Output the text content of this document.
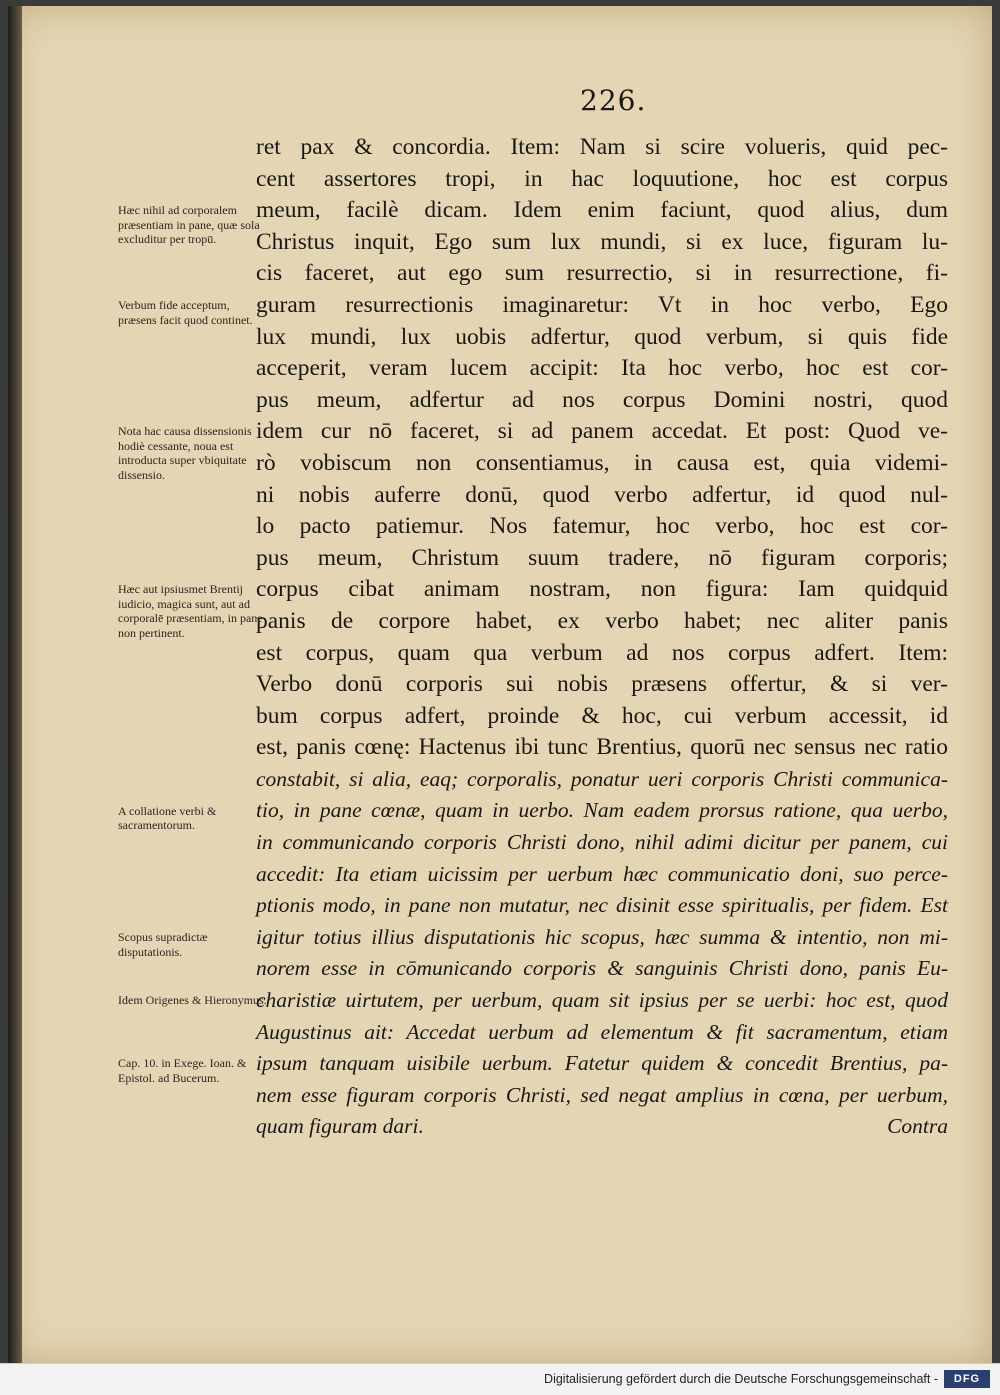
226.
ret pax & concordia. Item: Nam si scire volueris, quid pec-
cent assertores tropi, in hac loquutione, hoc est corpus
meum, facilè dicam. Idem enim faciunt, quod alius, dum
Christus inquit, Ego sum lux mundi, si ex luce, figuram lu-
cis faceret, aut ego sum resurrectio, si in resurrectione, fi-
guram resurrectionis imaginaretur: Vt in hoc verbo, Ego
lux mundi, lux uobis adfertur, quod verbum, si quis fide
acceperit, veram lucem accipit: Ita hoc verbo, hoc est cor-
pus meum, adfertur ad nos corpus Domini nostri, quod
idem cur nō faceret, si ad panem accedat. Et post: Quod ve-
rò vobiscum non consentiamus, in causa est, quia videmi-
ni nobis auferre donū, quod verbo adfertur, id quod nul-
lo pacto patiemur. Nos fatemur, hoc verbo, hoc est cor-
pus meum, Christum suum tradere, nō figuram corporis;
corpus cibat animam nostram, non figura: Iam quidquid
panis de corpore habet, ex verbo habet; nec aliter panis
est corpus, quam qua verbum ad nos corpus adfert. Item:
Verbo donū corporis sui nobis præsens offertur, & si ver-
bum corpus adfert, proinde & hoc, cui verbum accessit, id
est, panis cœnę: Hactenus ibi tunc Brentius, quorū nec sensus nec ratio
constabit, si alia, eaq; corporalis, ponatur ueri corporis Christi communica-
tio, in pane cœnæ, quam in uerbo. Nam eadem prorsus ratione, qua uerbo,
in communicando corporis Christi dono, nihil adimi dicitur per panem, cui
accedit: Ita etiam uicissim per uerbum hæc communicatio doni, suo perce-
ptionis modo, in pane non mutatur, nec disinit esse spiritualis, per fidem. Est
igitur totius illius disputationis hic scopus, hæc summa & intentio, non mi-
norem esse in cōmunicando corporis & sanguinis Christi dono, panis Eu-
charistiæ uirtutem, per uerbum, quam sit ipsius per se uerbi: hoc est, quod
Augustinus ait: Accedat uerbum ad elementum & fit sacramentum, etiam
ipsum tanquam uisibile uerbum. Fatetur quidem & concedit Brentius, pa-
nem esse figuram corporis Christi, sed negat amplius in cœna, per uerbum,
quam figuram dari.	Contra
Hæc nihil ad corporalem præsentiam in pane, quæ sola excluditur per tropū.
Verbum fide acceptum, præsens facit quod continet.
Nota hac causa dissensionis hodiè cessante, noua est introducta super vbiquitate dissensio.
Hæc aut ipsiusmet Brentij iudicio, magica sunt, aut ad corporalē præsentiam, in pane non pertinent.
A collatione verbi & sacramentorum.
Scopus supradictæ disputationis.
Idem Origenes & Hieronymus.
Cap. 10. in Exege. Ioan. & Epistol. ad Bucerum.
Digitalisierung gefördert durch die Deutsche Forschungsgemeinschaft -	DFG
